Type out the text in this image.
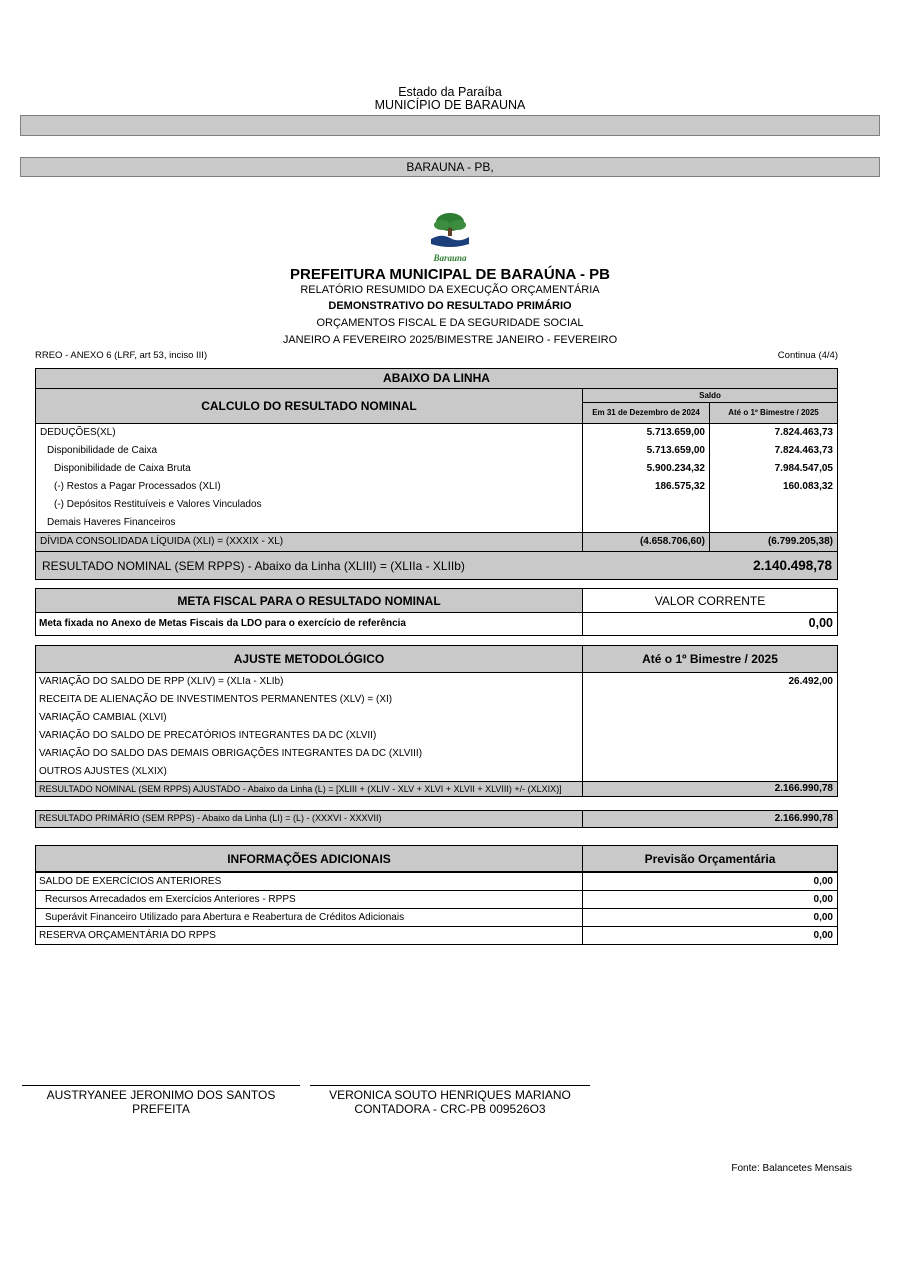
Estado da Paraíba
MUNICÍPIO DE BARAUNA
BARAUNA - PB,
Barauna
PREFEITURA MUNICIPAL DE BARAÚNA - PB
RELATÓRIO RESUMIDO DA EXECUÇÃO ORÇAMENTÁRIA
DEMONSTRATIVO DO RESULTADO PRIMÁRIO
ORÇAMENTOS FISCAL E DA SEGURIDADE SOCIAL
JANEIRO A FEVEREIRO 2025/BIMESTRE JANEIRO - FEVEREIRO
RREO - ANEXO 6 (LRF, art 53, inciso III)	Continua (4/4)
ABAIXO DA LINHA
CALCULO DO RESULTADO NOMINAL
Saldo
Em 31 de Dezembro de 2024	Até o 1º Bimestre / 2025
DEDUÇÕES(XL)	5.713.659,00	7.824.463,73
Disponibilidade de Caixa	5.713.659,00	7.824.463,73
Disponibilidade de Caixa Bruta	5.900.234,32	7.984.547,05
(-) Restos a Pagar Processados (XLI)	186.575,32	160.083,32
(-) Depósitos Restituíveis e Valores Vinculados
Demais Haveres Financeiros
DÍVIDA CONSOLIDADA LÍQUIDA (XLI) = (XXXIX - XL)	(4.658.706,60)	(6.799.205,38)
RESULTADO NOMINAL (SEM RPPS) - Abaixo da Linha (XLIII) = (XLIIa - XLIIb)	2.140.498,78
META FISCAL PARA O RESULTADO NOMINAL	VALOR CORRENTE
Meta fixada no Anexo de Metas Fiscais da LDO para o exercício de referência	0,00
AJUSTE METODOLÓGICO	Até o 1º Bimestre / 2025
VARIAÇÃO DO SALDO DE RPP (XLIV) = (XLIa - XLIb)	26.492,00
RECEITA DE ALIENAÇÃO DE INVESTIMENTOS PERMANENTES (XLV) = (XI)
VARIAÇÃO CAMBIAL (XLVI)
VARIAÇÃO DO SALDO DE PRECATÓRIOS INTEGRANTES DA DC (XLVII)
VARIAÇÃO DO SALDO DAS DEMAIS OBRIGAÇÕES INTEGRANTES DA DC (XLVIII)
OUTROS AJUSTES (XLXIX)
RESULTADO NOMINAL (SEM RPPS) AJUSTADO - Abaixo da Linha (L) = [XLIII + (XLIV - XLV + XLVI + XLVII + XLVIII) +/- (XLXIX)]	2.166.990,78
RESULTADO PRIMÁRIO (SEM RPPS) - Abaixo da Linha (LI) = (L) - (XXXVI - XXXVII)	2.166.990,78
INFORMAÇÕES ADICIONAIS	Previsão Orçamentária
SALDO DE EXERCÍCIOS ANTERIORES	0,00
Recursos Arrecadados em Exercícios Anteriores - RPPS	0,00
Superávit Financeiro Utilizado para Abertura e Reabertura de Créditos Adicionais	0,00
RESERVA ORÇAMENTÁRIA DO RPPS	0,00
AUSTRYANEE JERONIMO DOS SANTOS
PREFEITA
VERONICA SOUTO HENRIQUES MARIANO
CONTADORA - CRC-PB 009526O3
Fonte: Balancetes Mensais
